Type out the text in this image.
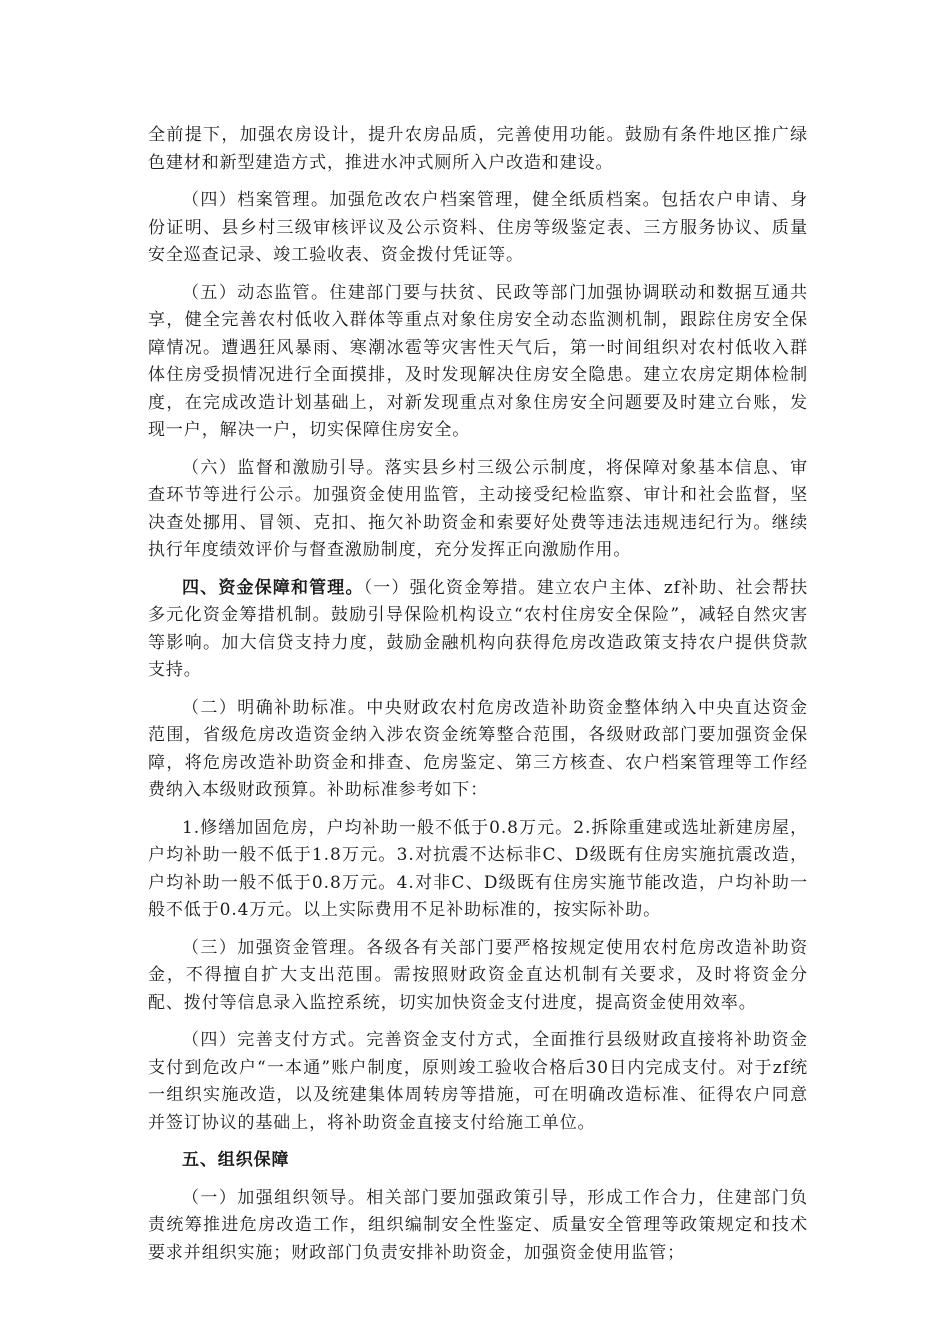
全前提下，加强农房设计，提升农房品质，完善使用功能。鼓励有条件地区推广绿色建材和新型建造方式，推进水冲式厕所入户改造和建设。

（四）档案管理。加强危改农户档案管理，健全纸质档案。包括农户申请、身份证明、县乡村三级审核评议及公示资料、住房等级鉴定表、三方服务协议、质量安全巡查记录、竣工验收表、资金拨付凭证等。

（五）动态监管。住建部门要与扶贫、民政等部门加强协调联动和数据互通共享，健全完善农村低收入群体等重点对象住房安全动态监测机制，跟踪住房安全保障情况。遭遇狂风暴雨、寒潮冰雹等灾害性天气后，第一时间组织对农村低收入群体住房受损情况进行全面摸排，及时发现解决住房安全隐患。建立农房定期体检制度，在完成改造计划基础上，对新发现重点对象住房安全问题要及时建立台账，发现一户，解决一户，切实保障住房安全。

（六）监督和激励引导。落实县乡村三级公示制度，将保障对象基本信息、审查环节等进行公示。加强资金使用监管，主动接受纪检监察、审计和社会监督，坚决查处挪用、冒领、克扣、拖欠补助资金和索要好处费等违法违规违纪行为。继续执行年度绩效评价与督查激励制度，充分发挥正向激励作用。

四、资金保障和管理。（一）强化资金筹措。建立农户主体、zf补助、社会帮扶多元化资金筹措机制。鼓励引导保险机构设立“农村住房安全保险”，减轻自然灾害等影响。加大信贷支持力度，鼓励金融机构向获得危房改造政策支持农户提供贷款支持。

（二）明确补助标准。中央财政农村危房改造补助资金整体纳入中央直达资金范围，省级危房改造资金纳入涉农资金统筹整合范围，各级财政部门要加强资金保障，将危房改造补助资金和排查、危房鉴定、第三方核查、农户档案管理等工作经费纳入本级财政预算。补助标准参考如下：

1.修缮加固危房，户均补助一般不低于0.8万元。2.拆除重建或选址新建房屋，户均补助一般不低于1.8万元。3.对抗震不达标非C、D级既有住房实施抗震改造，户均补助一般不低于0.8万元。4.对非C、D级既有住房实施节能改造，户均补助一般不低于0.4万元。以上实际费用不足补助标准的，按实际补助。

（三）加强资金管理。各级各有关部门要严格按规定使用农村危房改造补助资金，不得擅自扩大支出范围。需按照财政资金直达机制有关要求，及时将资金分配、拨付等信息录入监控系统，切实加快资金支付进度，提高资金使用效率。

（四）完善支付方式。完善资金支付方式，全面推行县级财政直接将补助资金支付到危改户“一本通”账户制度，原则竣工验收合格后30日内完成支付。对于zf统一组织实施改造，以及统建集体周转房等措施，可在明确改造标准、征得农户同意并签订协议的基础上，将补助资金直接支付给施工单位。

五、组织保障

（一）加强组织领导。相关部门要加强政策引导，形成工作合力，住建部门负责统筹推进危房改造工作，组织编制安全性鉴定、质量安全管理等政策规定和技术要求并组织实施；财政部门负责安排补助资金，加强资金使用监管；
